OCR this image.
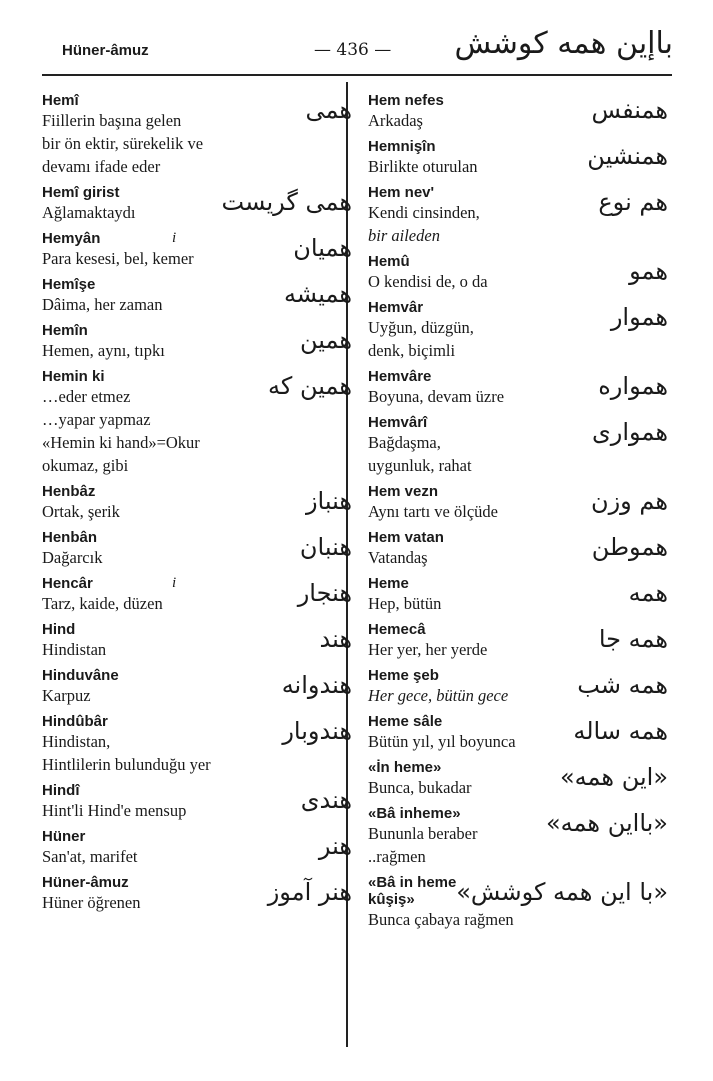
Hüner-âmuz	— 436 — باإين همه كوشش
Hemî	همى
Fiillerin başına gelen
bir ön ektir, sürekelik ve
devamı ifade eder
Hemî girist	همى گريست
Ağlamaktaydı
Hemyân	i	هميان
Para kesesi, bel, kemer
Hemîşe	هميشه
Dâima, her zaman
Hemîn	همين
Hemen, aynı, tıpkı
Hemin ki	همين كه
…eder etmez
…yapar yapmaz
«Hemin ki hand»=Okur
okumaz, gibi
Henbâz	هنباز
Ortak, şerik
Henbân	هنبان
Dağarcık
Hencâr	i	هنجار
Tarz, kaide, düzen
Hind	هند
Hindistan
Hinduvâne	هندوانه
Karpuz
Hindûbâr	هندوبار
Hindistan,
Hintlilerin bulunduğu yer
Hindî	هندى
Hint'li Hind'e mensup
Hüner	هنر
San'at, marifet
Hüner-âmuz	هنر آموز
Hüner öğrenen
Hem nefes	همنفس
Arkadaş
Hemnişîn	همنشين
Birlikte oturulan
Hem nev'	هم نوع
Kendi cinsinden,
bir aileden
Hemû	همو
O kendisi de, o da
Hemvâr	هموار
Uyğun, düzgün,
denk, biçimli
Hemvâre	همواره
Boyuna, devam üzre
Hemvârî	هموارى
Bağdaşma,
uygunluk, rahat
Hem vezn	هم وزن
Aynı tartı ve ölçüde
Hem vatan	هموطن
Vatandaş
Heme	همه
Hep, bütün
Hemecâ	همه جا
Her yer, her yerde
Heme şeb	همه شب
Her gece, bütün gece
Heme sâle	همه ساله
Bütün yıl, yıl boyunca
«İn heme»	«اين همه»
Bunca, bukadar
«Bâ inheme»	«بااين همه»
Bununla beraber
..rağmen
«Bâ in heme
kûşiş»	«با اين همه كوشش»
Bunca çabaya rağmen
